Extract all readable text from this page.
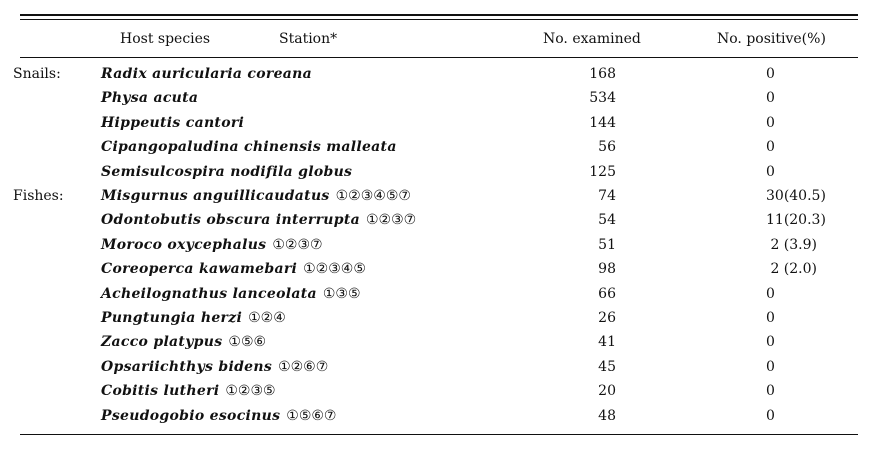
Host species	Station*	No. examined	No. positive(%)
Snails:	Radix auricularia coreana	168	0
Physa acuta	534	0
Hippeutis cantori	144	0
Cipangopaludina chinensis malleata	56	0
Semisulcospira nodifila globus	125	0
Fishes:	Misgurnus anguillicaudatus ①②③④⑤⑦	74	30(40.5)
Odontobutis obscura interrupta ①②③⑦	54	11(20.3)
Moroco oxycephalus ①②③⑦	51	2 (3.9)
Coreoperca kawamebari ①②③④⑤	98	2 (2.0)
Acheilognathus lanceolata ①③⑤	66	0
Pungtungia herzi ①②④	26	0
Zacco platypus ①⑤⑥	41	0
Opsariichthys bidens ①②⑥⑦	45	0
Cobitis lutheri ①②③⑤	20	0
Pseudogobio esocinus ①⑤⑥⑦	48	0
